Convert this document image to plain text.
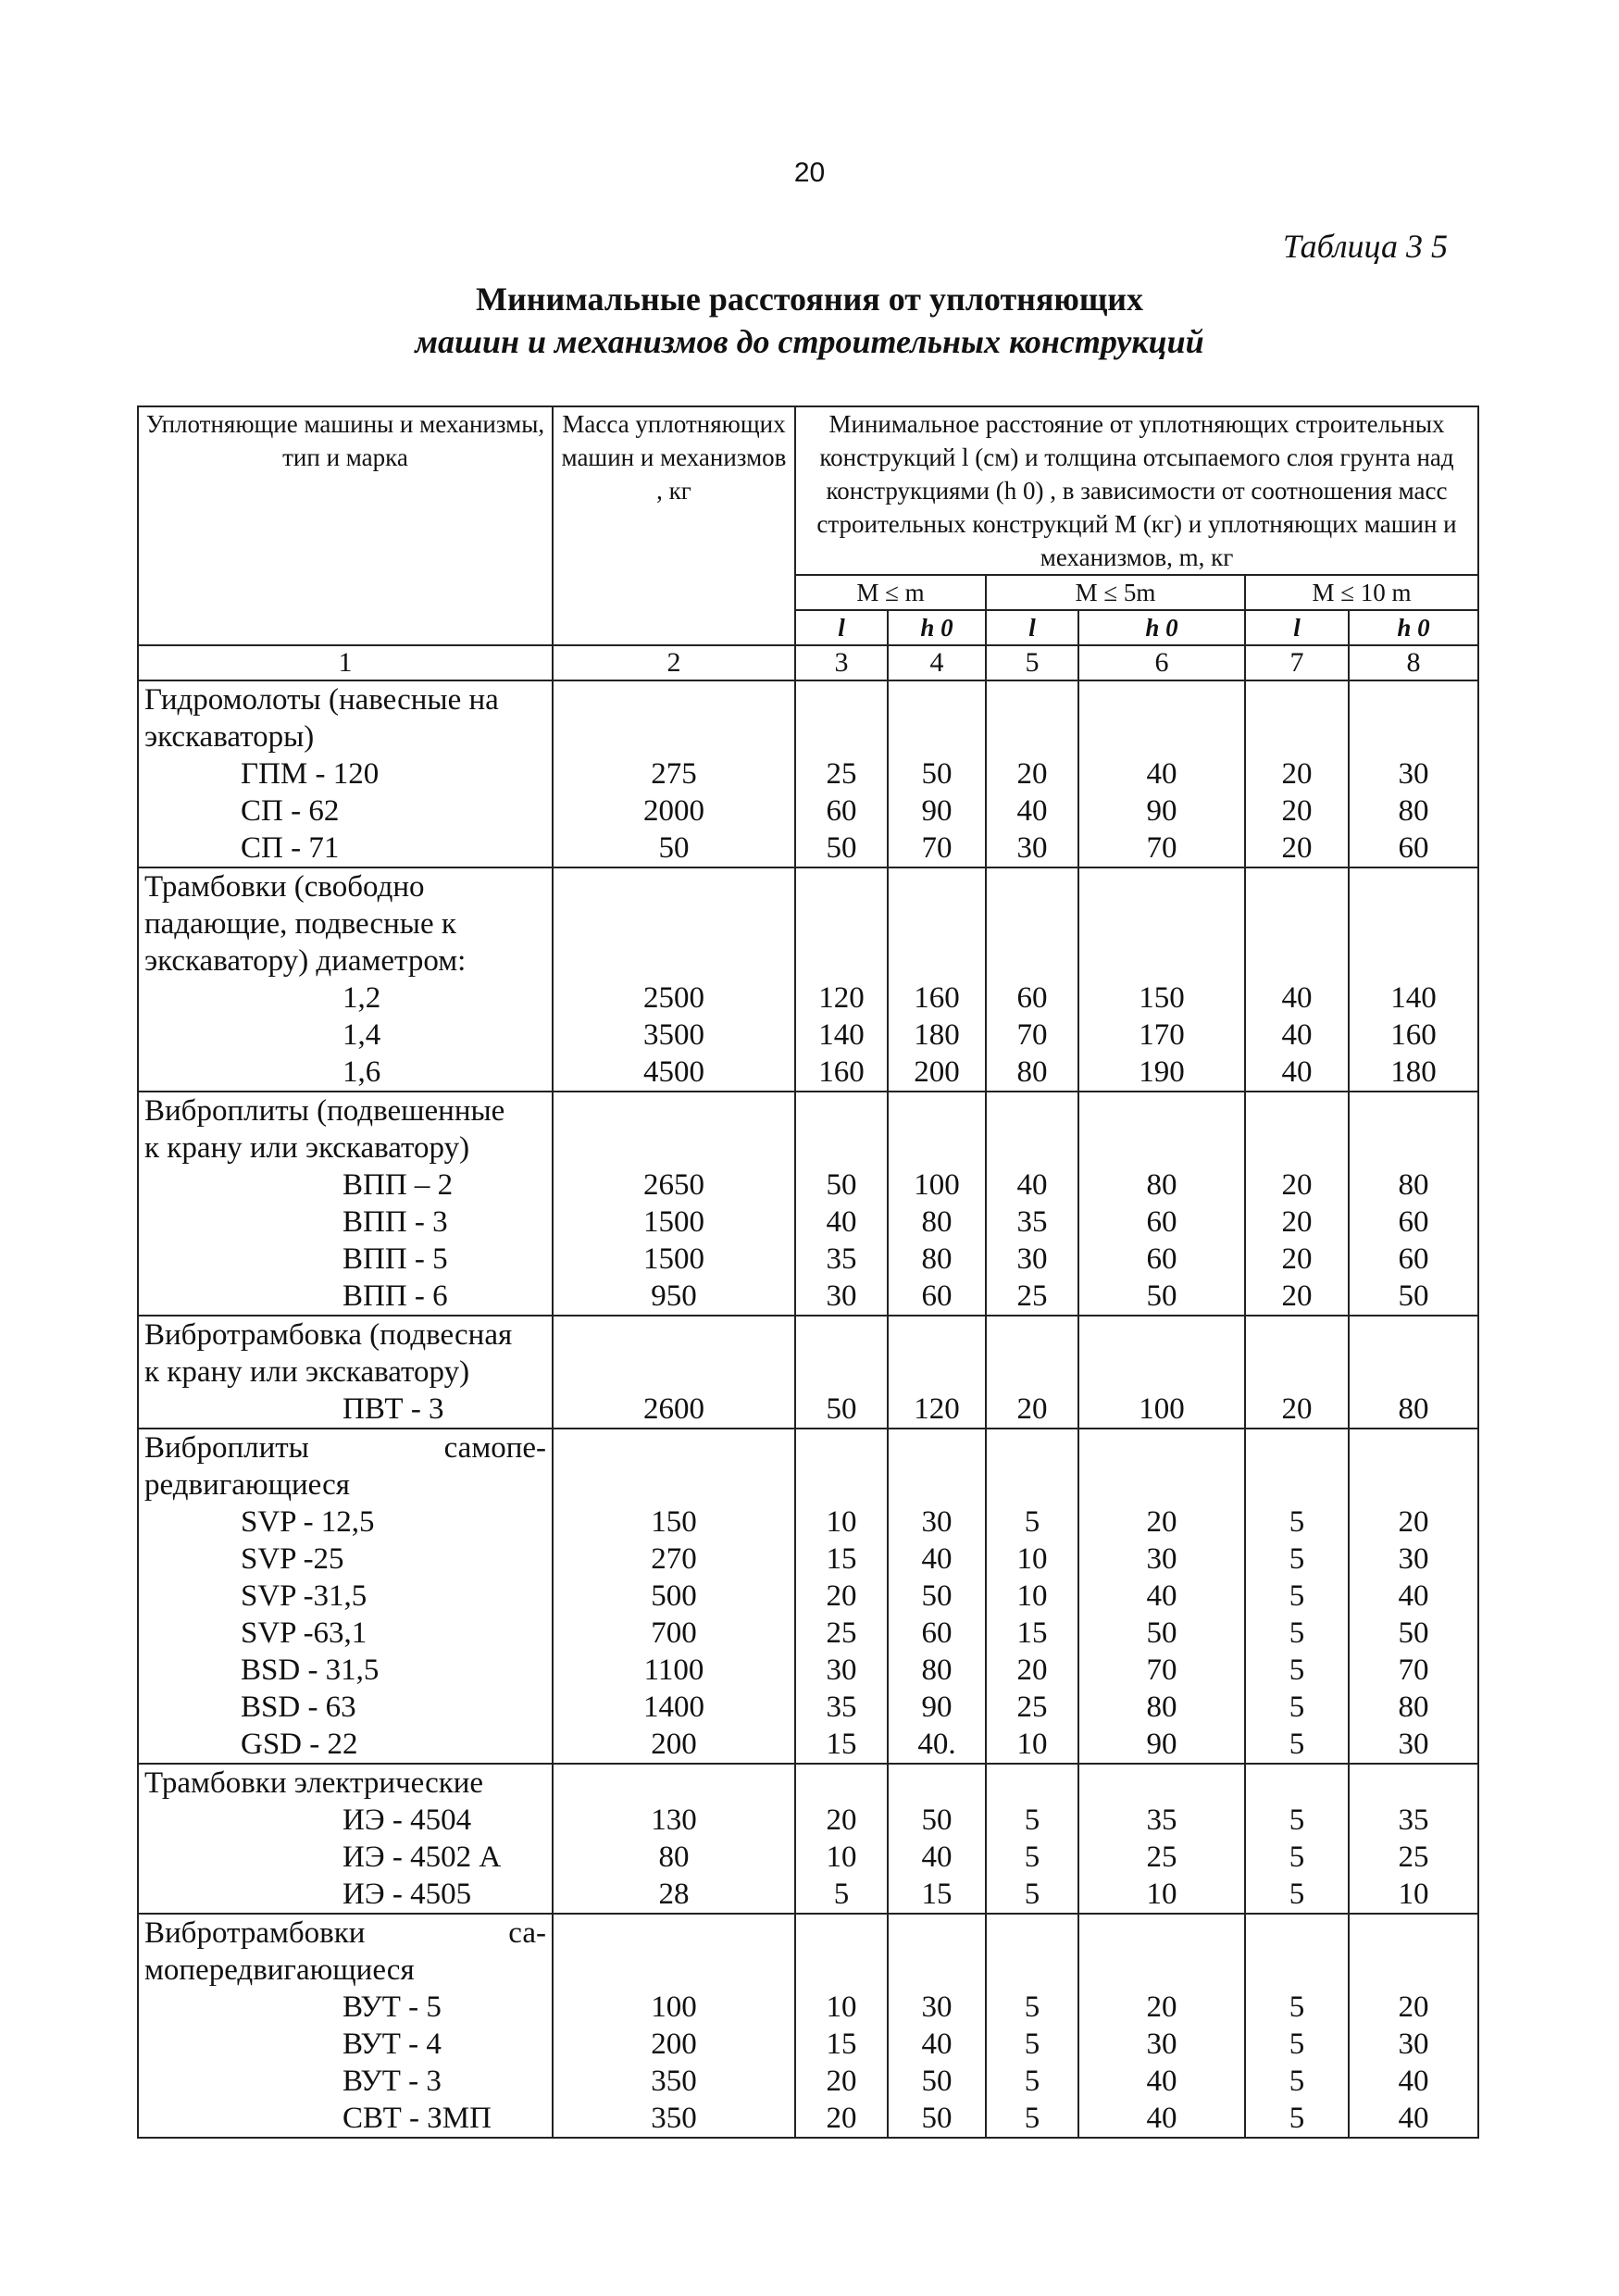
20
Таблица 3 5
Минимальные расстояния от уплотняющих
машин и механизмов до строительных конструкций
Уплотняющие машины и механизмы, тип и марка	Масса уплотняющих машин и механизмов , кг	Минимальное расстояние от уплотняющих строительных конструкций l (см) и толщина отсыпаемого слоя грунта над конструкциями (h 0) , в зависимости от соотношения масс строительных конструкций M (кг) и уплотняющих машин и механизмов, m, кг					
		M ≤ m		M ≤ 5m		M ≤ 10 m	
		l	h 0	l	h 0	l	h 0
1	2	3	4	5	6	7	8
Гидромолоты (навесные на							
экскаваторы)							
ГПМ - 120	275	25	50	20	40	20	30
СП - 62	2000	60	90	40	90	20	80
СП - 71	50	50	70	30	70	20	60
Трамбовки (свободно							
падающие, подвесные к							
экскаватору) диаметром:							
1,2	2500	120	160	60	150	40	140
1,4	3500	140	180	70	170	40	160
1,6	4500	160	200	80	190	40	180
Виброплиты (подвешенные							
к крану или экскаватору)							
ВПП – 2	2650	50	100	40	80	20	80
ВПП - 3	1500	40	80	35	60	20	60
ВПП - 5	1500	35	80	30	60	20	60
ВПП - 6	950	30	60	25	50	20	50
Вибротрамбовка (подвесная							
к крану или экскаватору)							
ПВТ - 3	2600	50	120	20	100	20	80
Виброплиты самопе-							
редвигающиеся							
SVP - 12,5	150	10	30	5	20	5	20
SVP -25	270	15	40	10	30	5	30
SVP -31,5	500	20	50	10	40	5	40
SVP -63,1	700	25	60	15	50	5	50
BSD - 31,5	1100	30	80	20	70	5	70
BSD - 63	1400	35	90	25	80	5	80
GSD - 22	200	15	40.	10	90	5	30
Трамбовки электрические							
ИЭ - 4504	130	20	50	5	35	5	35
ИЭ - 4502 А	80	10	40	5	25	5	25
ИЭ - 4505	28	5	15	5	10	5	10
Вибротрамбовки са-							
мопередвигающиеся							
ВУТ - 5	100	10	30	5	20	5	20
ВУТ - 4	200	15	40	5	30	5	30
ВУТ - 3	350	20	50	5	40	5	40
СВТ - ЗМП	350	20	50	5	40	5	40
